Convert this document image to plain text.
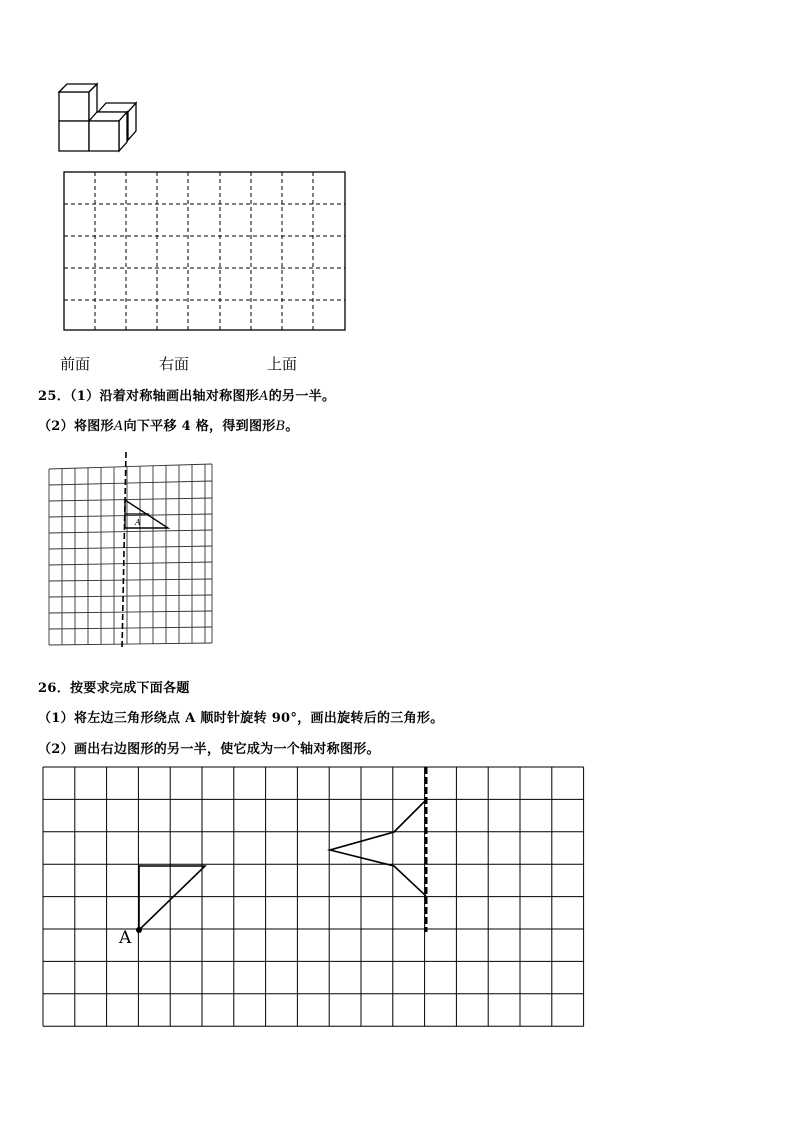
前面	右面	上面
25．（1）沿着对称轴画出轴对称图形A的另一半。
（2）将图形A向下平移 4 格，得到图形B。
A
26．按要求完成下面各题
（1）将左边三角形绕点 A 顺时针旋转 90°，画出旋转后的三角形。
（2）画出右边图形的另一半，使它成为一个轴对称图形。
A
